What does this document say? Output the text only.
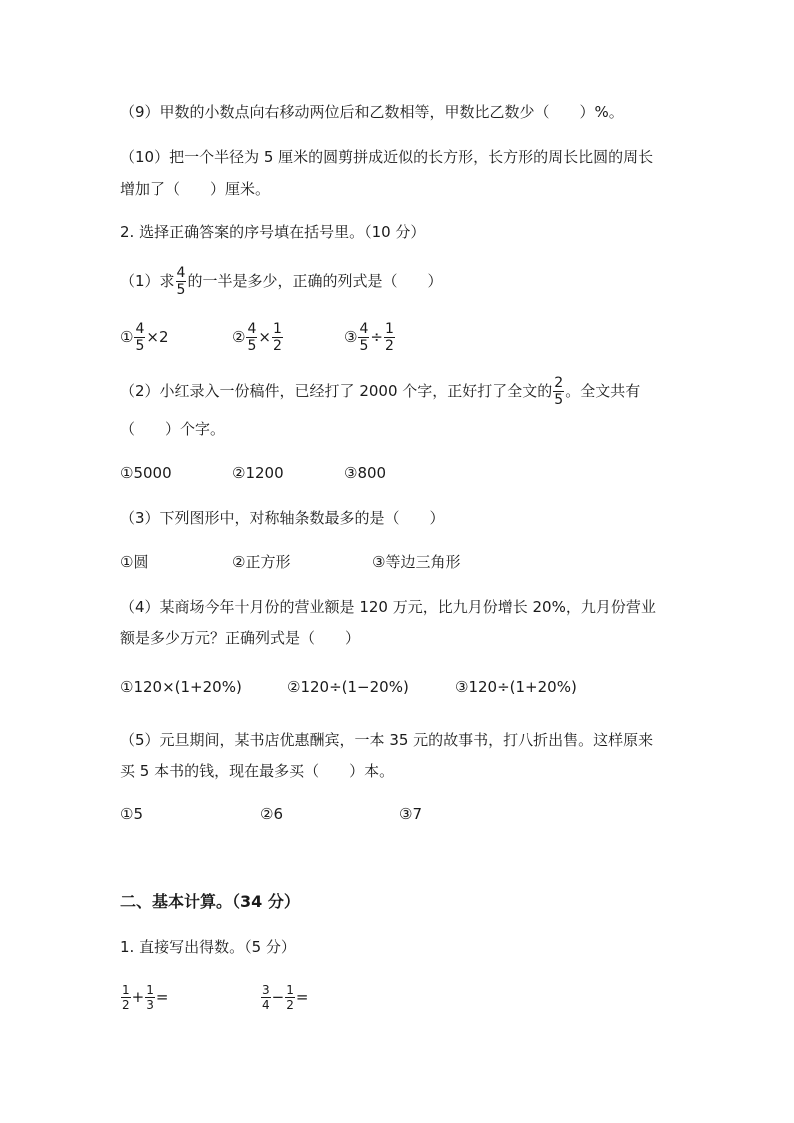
（9）甲数的小数点向右移动两位后和乙数相等，甲数比乙数少（　　）%。
（10）把一个半径为 5 厘米的圆剪拼成近似的长方形，长方形的周长比圆的周长
增加了（　　）厘米。
2. 选择正确答案的序号填在括号里。（10 分）
（1）求 $\frac{4}{5}$ 的一半是多少，正确的列式是（　　）
① $\frac{4}{5} \times 2$	② $\frac{4}{5} \times \frac{1}{2}$	③ $\frac{4}{5} \div \frac{1}{2}$
（2）小红录入一份稿件，已经打了 2000 个字，正好打了全文的 $\frac{2}{5}$ 。全文共有
（　　）个字。
①5000	②1200	③800
（3）下列图形中，对称轴条数最多的是（　　）
①圆	②正方形	③等边三角形
（4）某商场今年十月份的营业额是 120 万元，比九月份增长 20%，九月份营业
额是多少万元？正确列式是（　　）
①120×(1+20%)	②120÷(1−20%)	③120÷(1+20%)
（5）元旦期间，某书店优惠酬宾，一本 35 元的故事书，打八折出售。这样原来
买 5 本书的钱，现在最多买（　　）本。
①5	②6	③7
二、基本计算。（34 分）
1. 直接写出得数。（5 分）
$\frac{1}{2} + \frac{1}{3}$ =	$\frac{3}{4} - \frac{1}{2}$ =
